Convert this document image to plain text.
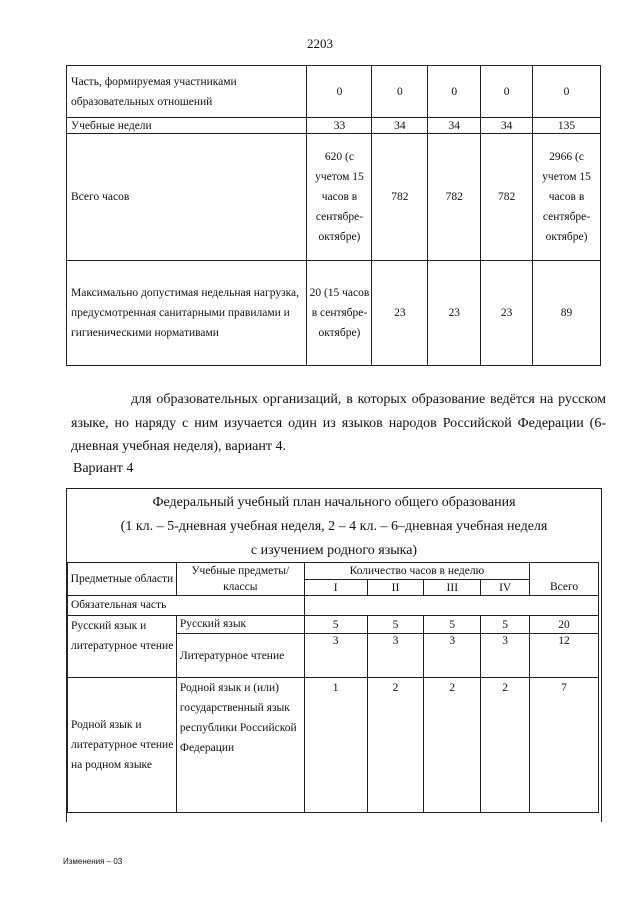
2203
Часть, формируемая участниками образовательных отношений	0	0	0	0	0
Учебные недели	33	34	34	34	135
Всего часов	620 (с учетом 15 часов в сентябре-октябре)	782	782	782	2966 (с учетом 15 часов в сентябре-октябре)
Максимально допустимая недельная нагрузка, предусмотренная санитарными правилами и гигиеническими нормативами	20 (15 часов в сентябре-октябре)	23	23	23	89
для образовательных организаций, в которых образование ведётся на русском языке, но наряду с ним изучается один из языков народов Российской Федерации (6-дневная учебная неделя), вариант 4.
Вариант 4
Федеральный учебный план начального общего образования
(1 кл. – 5-дневная учебная неделя, 2 – 4 кл. – 6–дневная учебная неделя
с изучением родного языка)
Предметные области	Учебные предметы/ классы	Количество часов в неделю				Всего
		I	II	III	IV	
Обязательная часть						
Русский язык и литературное чтение	Русский язык	5	5	5	5	20
	Литературное чтение	3	3	3	3	12
Родной язык и литературное чтение на родном языке	Родной язык и (или) государственный язык республики Российской Федерации	1	2	2	2	7
Изменения – 03
